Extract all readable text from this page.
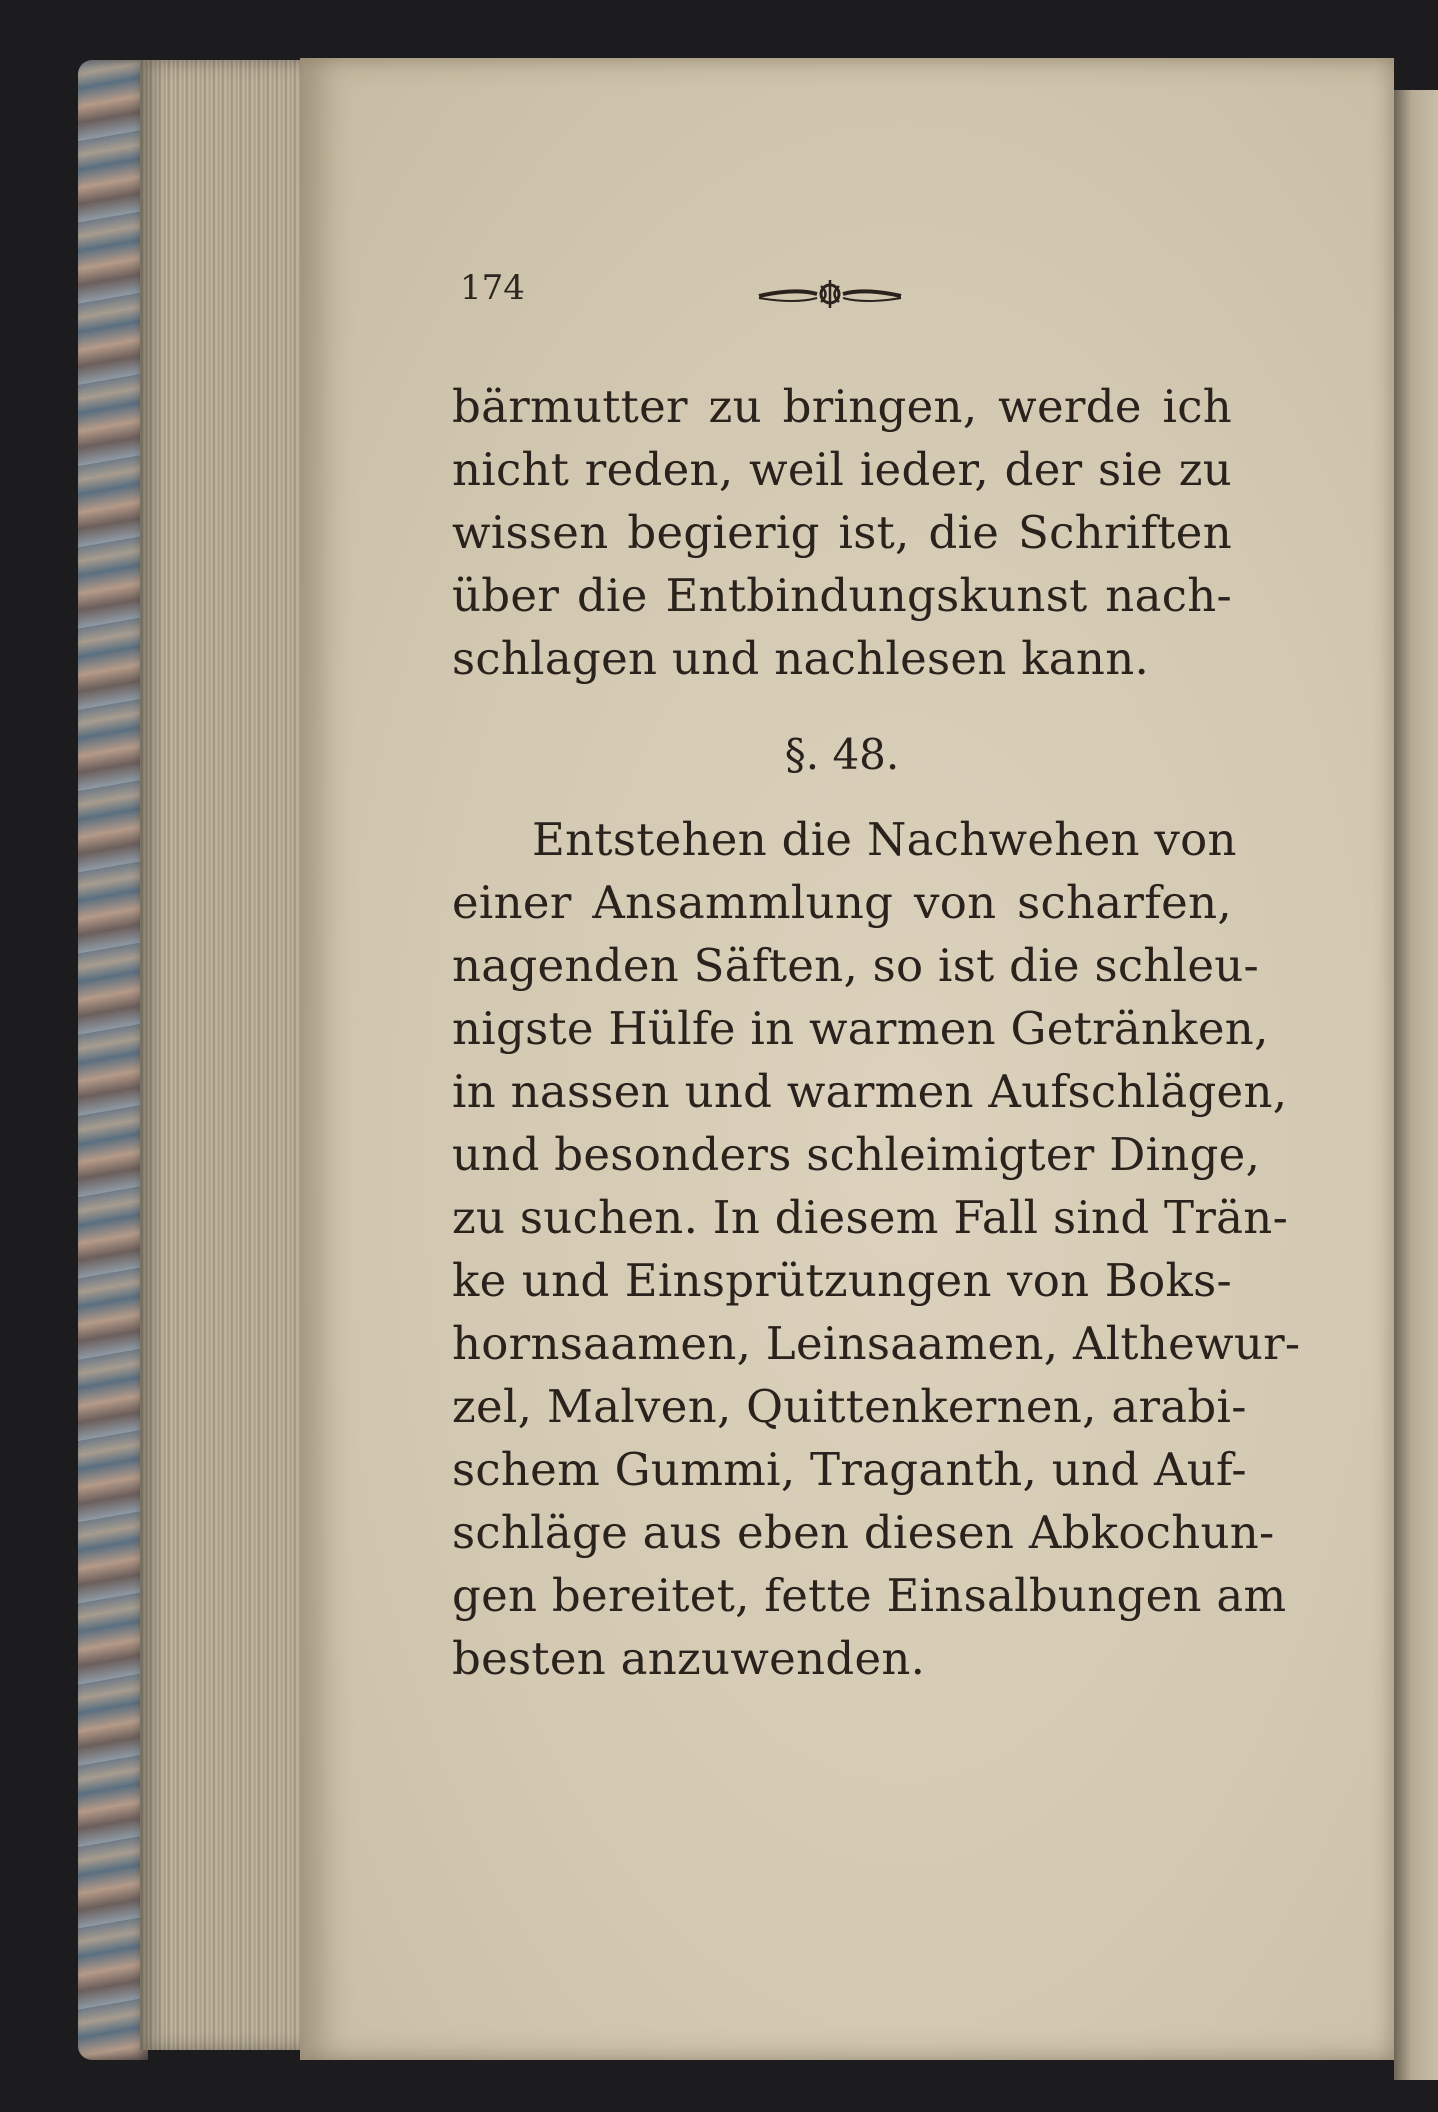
174
bärmutter zu bringen, werde ich
nicht reden, weil ieder, der sie zu
wissen begierig ist, die Schriften
über die Entbindungskunst nach-
schlagen und nachlesen kann.
§. 48.
Entstehen die Nachwehen von
einer Ansammlung von scharfen,
nagenden Säften, so ist die schleu-
nigste Hülfe in warmen Getränken,
in nassen und warmen Aufschlägen,
und besonders schleimigter Dinge,
zu suchen. In diesem Fall sind Trän-
ke und Einsprützungen von Boks-
hornsaamen, Leinsaamen, Althewur-
zel, Malven, Quittenkernen, arabi-
schem Gummi, Traganth, und Auf-
schläge aus eben diesen Abkochun-
gen bereitet, fette Einsalbungen am
besten anzuwenden.
